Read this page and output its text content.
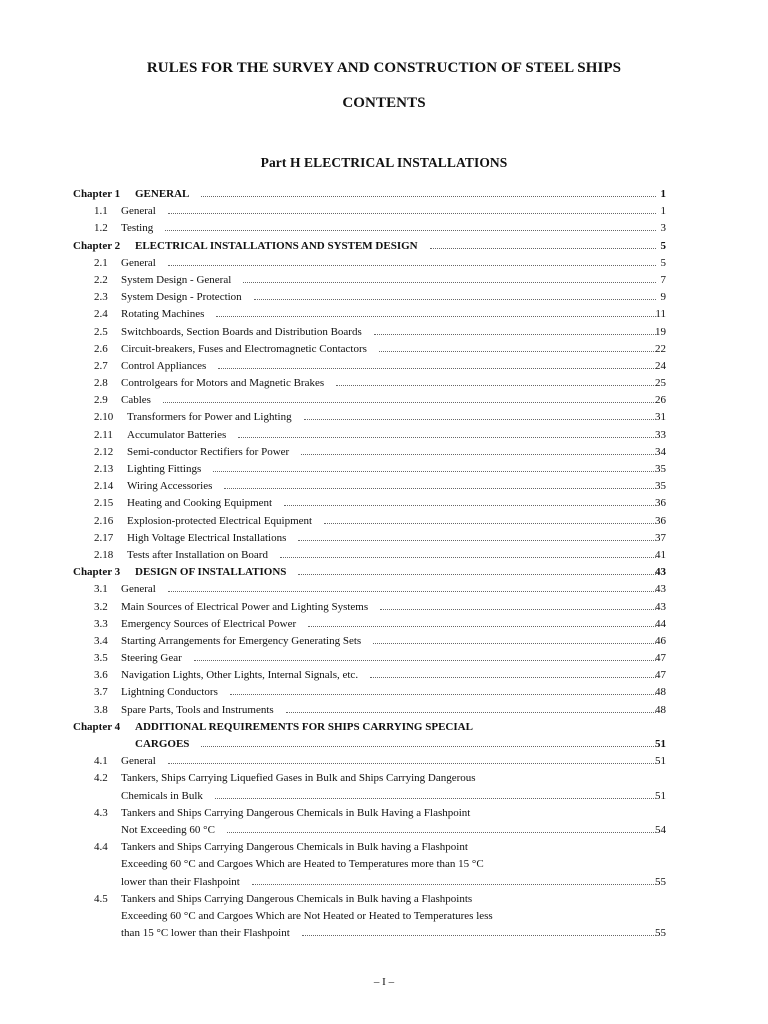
RULES FOR THE SURVEY AND CONSTRUCTION OF STEEL SHIPS
CONTENTS
Part H ELECTRICAL INSTALLATIONS
Chapter 1 GENERAL	1
1.1 General	1
1.2 Testing	3
Chapter 2 ELECTRICAL INSTALLATIONS AND SYSTEM DESIGN	5
2.1 General	5
2.2 System Design - General	7
2.3 System Design - Protection	9
2.4 Rotating Machines	11
2.5 Switchboards, Section Boards and Distribution Boards	19
2.6 Circuit-breakers, Fuses and Electromagnetic Contactors	22
2.7 Control Appliances	24
2.8 Controlgears for Motors and Magnetic Brakes	25
2.9 Cables	26
2.10 Transformers for Power and Lighting	31
2.11 Accumulator Batteries	33
2.12 Semi-conductor Rectifiers for Power	34
2.13 Lighting Fittings	35
2.14 Wiring Accessories	35
2.15 Heating and Cooking Equipment	36
2.16 Explosion-protected Electrical Equipment	36
2.17 High Voltage Electrical Installations	37
2.18 Tests after Installation on Board	41
Chapter 3 DESIGN OF INSTALLATIONS	43
3.1 General	43
3.2 Main Sources of Electrical Power and Lighting Systems	43
3.3 Emergency Sources of Electrical Power	44
3.4 Starting Arrangements for Emergency Generating Sets	46
3.5 Steering Gear	47
3.6 Navigation Lights, Other Lights, Internal Signals, etc.	47
3.7 Lightning Conductors	48
3.8 Spare Parts, Tools and Instruments	48
Chapter 4 ADDITIONAL REQUIREMENTS FOR SHIPS CARRYING SPECIAL
CARGOES	51
4.1 General	51
4.2 Tankers, Ships Carrying Liquefied Gases in Bulk and Ships Carrying Dangerous
Chemicals in Bulk	51
4.3 Tankers and Ships Carrying Dangerous Chemicals in Bulk Having a Flashpoint
Not Exceeding 60 °C	54
4.4 Tankers and Ships Carrying Dangerous Chemicals in Bulk having a Flashpoint
Exceeding 60 °C and Cargoes Which are Heated to Temperatures more than 15 °C
lower than their Flashpoint	55
4.5 Tankers and Ships Carrying Dangerous Chemicals in Bulk having a Flashpoints
Exceeding 60 °C and Cargoes Which are Not Heated or Heated to Temperatures less
than 15 °C lower than their Flashpoint	55
– I –
